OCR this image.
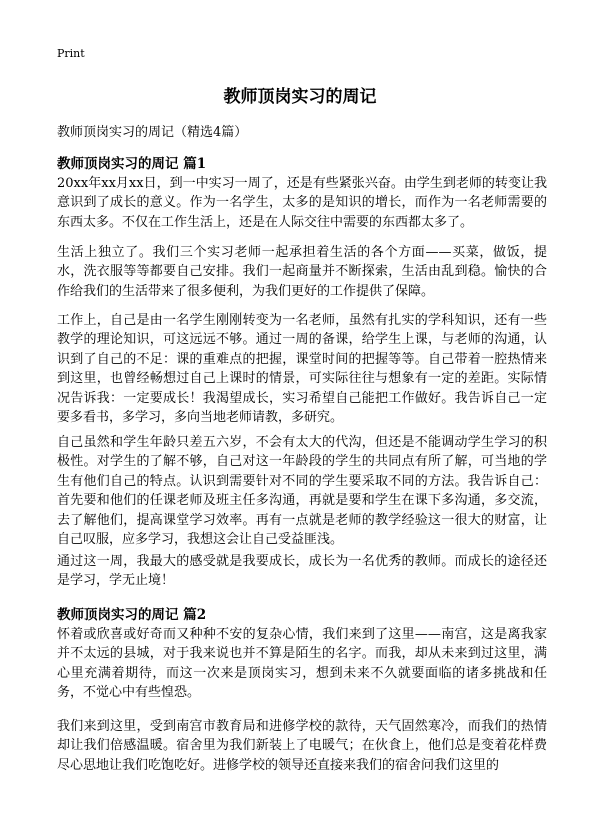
Print
教师顶岗实习的周记
教师顶岗实习的周记（精选4篇）
教师顶岗实习的周记 篇1

20xx年xx月xx日，到一中实习一周了，还是有些紧张兴奋。由学生到老师的转变让我意识到了成长的意义。作为一名学生，太多的是知识的增长，而作为一名老师需要的东西太多。不仅在工作生活上，还是在人际交往中需要的东西都太多了。

生活上独立了。我们三个实习老师一起承担着生活的各个方面——买菜，做饭，提水，洗衣服等等都要自己安排。我们一起商量并不断探索，生活由乱到稳。愉快的合作给我们的生活带来了很多便利，为我们更好的工作提供了保障。

工作上，自己是由一名学生刚刚转变为一名老师，虽然有扎实的学科知识，还有一些教学的理论知识，可这远远不够。通过一周的备课，给学生上课，与老师的沟通，认识到了自己的不足：课的重难点的把握，课堂时间的把握等等。自己带着一腔热情来到这里，也曾经畅想过自己上课时的情景，可实际往往与想象有一定的差距。实际情况告诉我：一定要成长！我渴望成长，实习希望自己能把工作做好。我告诉自己一定要多看书，多学习，多向当地老师请教，多研究。

自己虽然和学生年龄只差五六岁，不会有太大的代沟，但还是不能调动学生学习的积极性。对学生的了解不够，自己对这一年龄段的学生的共同点有所了解，可当地的学生有他们自己的特点。认识到需要针对不同的学生要采取不同的方法。我告诉自己：首先要和他们的任课老师及班主任多沟通，再就是要和学生在课下多沟通，多交流，去了解他们，提高课堂学习效率。再有一点就是老师的教学经验这一很大的财富，让自己叹服，应多学习，我想这会让自己受益匪浅。

通过这一周，我最大的感受就是我要成长，成长为一名优秀的教师。而成长的途径还是学习，学无止境！

教师顶岗实习的周记 篇2

怀着或欣喜或好奇而又种种不安的复杂心情，我们来到了这里——南宫，这是离我家并不太远的县城，对于我来说也并不算是陌生的名字。而我，却从未来到过这里，满心里充满着期待，而这一次来是顶岗实习，想到未来不久就要面临的诸多挑战和任务，不觉心中有些惶恐。

我们来到这里，受到南宫市教育局和进修学校的款待，天气固然寒冷，而我们的热情却让我们倍感温暖。宿舍里为我们新装上了电暖气；在伙食上，他们总是变着花样费尽心思地让我们吃饱吃好。进修学校的领导还直接来我们的宿舍问我们这里的
